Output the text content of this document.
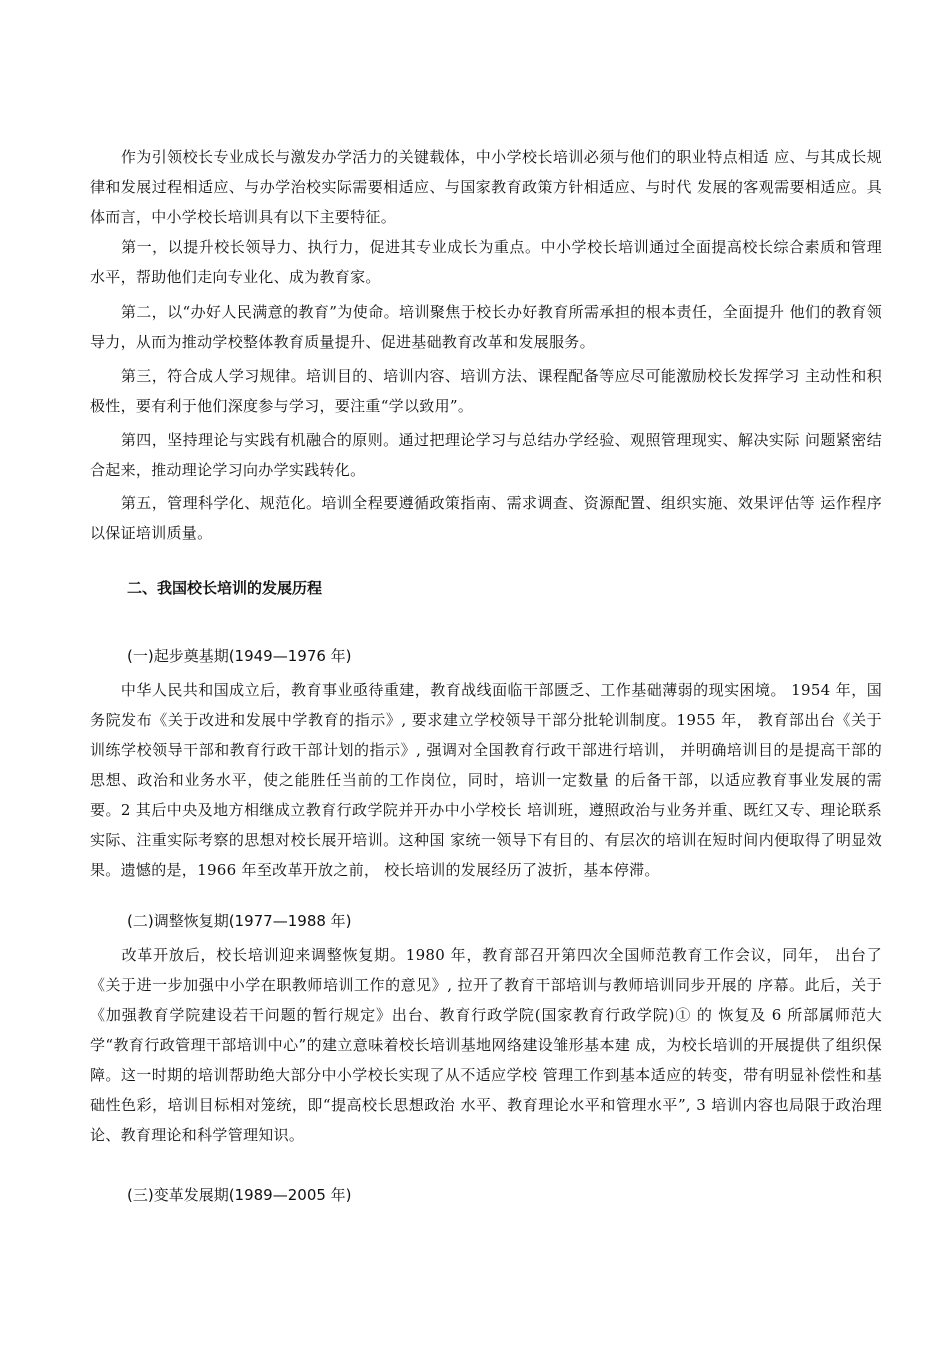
　　作为引领校长专业成长与激发办学活力的关键载体，中小学校长培训必须与他们的职业特点相适 应、与其成长规律和发展过程相适应、与办学治校实际需要相适应、与国家教育政策方针相适应、与时代 发展的客观需要相适应。具体而言，中小学校长培训具有以下主要特征。
　　第一，以提升校长领导力、执行力，促进其专业成长为重点。中小学校长培训通过全面提高校长综合素质和管理水平，帮助他们走向专业化、成为教育家。
　　第二，以“办好人民满意的教育”为使命。培训聚焦于校长办好教育所需承担的根本责任，全面提升 他们的教育领导力，从而为推动学校整体教育质量提升、促进基础教育改革和发展服务。
　　第三，符合成人学习规律。培训目的、培训内容、培训方法、课程配备等应尽可能激励校长发挥学习 主动性和积极性，要有利于他们深度参与学习，要注重“学以致用”。
　　第四，坚持理论与实践有机融合的原则。通过把理论学习与总结办学经验、观照管理现实、解决实际 问题紧密结合起来，推动理论学习向办学实践转化。
　　第五，管理科学化、规范化。培训全程要遵循政策指南、需求调查、资源配置、组织实施、效果评估等 运作程序以保证培训质量。
二、我国校长培训的发展历程
(一)起步奠基期(1949—1976 年)
　　中华人民共和国成立后，教育事业亟待重建，教育战线面临干部匮乏、工作基础薄弱的现实困境。 1954 年，国务院发布《关于改进和发展中学教育的指示》, 要求建立学校领导干部分批轮训制度。1955 年， 教育部出台《关于训练学校领导干部和教育行政干部计划的指示》, 强调对全国教育行政干部进行培训， 并明确培训目的是提高干部的思想、政治和业务水平，使之能胜任当前的工作岗位，同时，培训一定数量 的后备干部，以适应教育事业发展的需要。2 其后中央及地方相继成立教育行政学院并开办中小学校长 培训班，遵照政治与业务并重、既红又专、理论联系实际、注重实际考察的思想对校长展开培训。这种国 家统一领导下有目的、有层次的培训在短时间内便取得了明显效果。遗憾的是，1966 年至改革开放之前， 校长培训的发展经历了波折，基本停滞。
(二)调整恢复期(1977—1988 年)
　　改革开放后，校长培训迎来调整恢复期。1980 年，教育部召开第四次全国师范教育工作会议，同年， 出台了《关于进一步加强中小学在职教师培训工作的意见》, 拉开了教育干部培训与教师培训同步开展的 序幕。此后，关于《加强教育学院建设若干问题的暂行规定》出台、教育行政学院(国家教育行政学院)① 的 恢复及 6 所部属师范大学“教育行政管理干部培训中心”的建立意味着校长培训基地网络建设雏形基本建 成，为校长培训的开展提供了组织保障。这一时期的培训帮助绝大部分中小学校长实现了从不适应学校 管理工作到基本适应的转变，带有明显补偿性和基础性色彩，培训目标相对笼统，即“提高校长思想政治 水平、教育理论水平和管理水平”, 3 培训内容也局限于政治理论、教育理论和科学管理知识。
(三)变革发展期(1989—2005 年)
